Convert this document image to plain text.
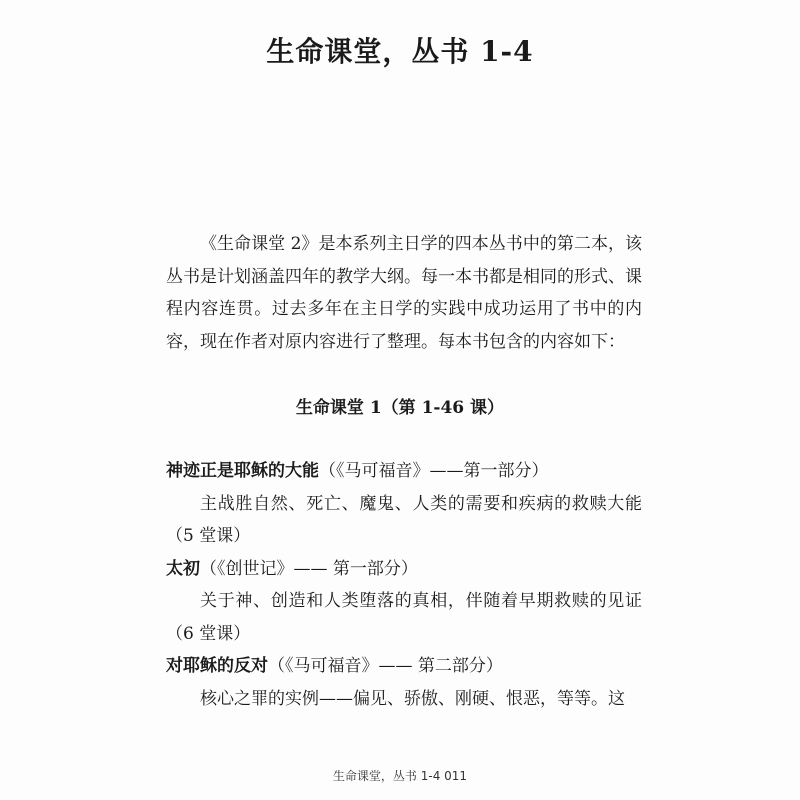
生命课堂，丛书 1-4

《生命课堂 2》是本系列主日学的四本丛书中的第二本，该丛书是计划涵盖四年的教学大纲。每一本书都是相同的形式、课程内容连贯。过去多年在主日学的实践中成功运用了书中的内容，现在作者对原内容进行了整理。每本书包含的内容如下：

生命课堂 1（第 1-46 课）

神迹正是耶稣的大能（《马可福音》——第一部分）

主战胜自然、死亡、魔鬼、人类的需要和疾病的救赎大能（5 堂课）

太初（《创世记》—— 第一部分）

关于神、创造和人类堕落的真相，伴随着早期救赎的见证（6 堂课）

对耶稣的反对（《马可福音》—— 第二部分）

核心之罪的实例——偏见、骄傲、刚硬、恨恶，等等。这

生命课堂，丛书 1-4 011
